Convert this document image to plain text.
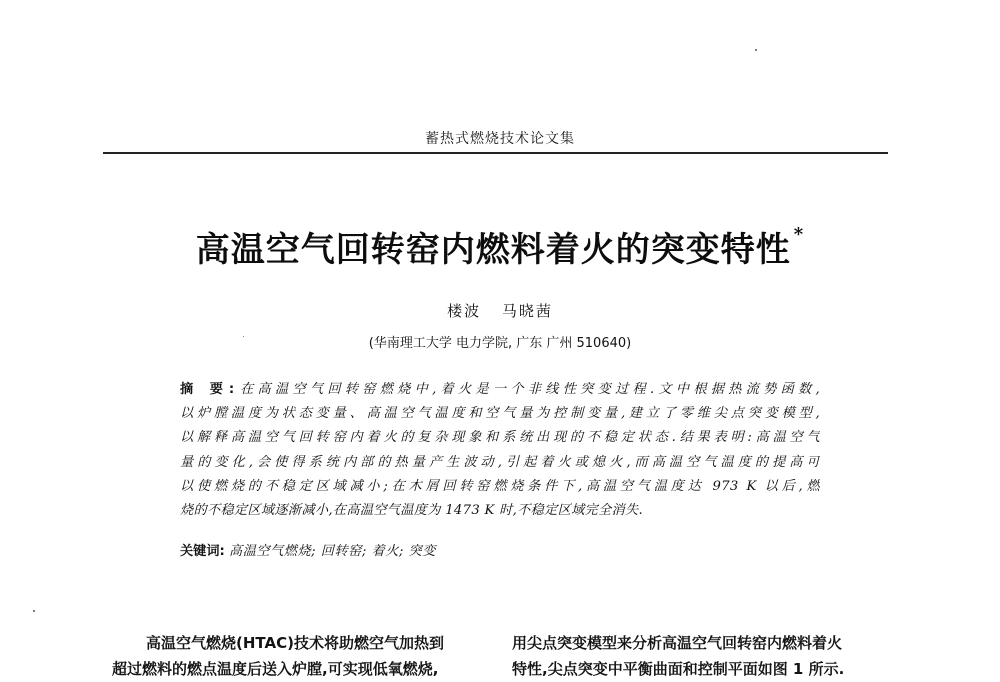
蓄热式燃烧技术论文集
高温空气回转窑内燃料着火的突变特性 *
楼波 马晓茜
(华南理工大学 电力学院, 广东 广州 510640)
摘 要:在高温空气回转窑燃烧中,着火是一个非线性突变过程.文中根据热流势函数,
以炉膛温度为状态变量、高温空气温度和空气量为控制变量,建立了零维尖点突变模型,
以解释高温空气回转窑内着火的复杂现象和系统出现的不稳定状态.结果表明:高温空气
量的变化,会使得系统内部的热量产生波动,引起着火或熄火,而高温空气温度的提高可
以使燃烧的不稳定区域减小;在木屑回转窑燃烧条件下,高温空气温度达 973 K 以后,燃
烧的不稳定区域逐渐减小,在高温空气温度为 1473 K 时,不稳定区域完全消失.
关键词: 高温空气燃烧; 回转窑; 着火; 突变
高温空气燃烧(HTAC)技术将助燃空气加热到
超过燃料的燃点温度后送入炉膛,可实现低氧燃烧,
用尖点突变模型来分析高温空气回转窑内燃料着火
特性,尖点突变中平衡曲面和控制平面如图 1 所示.
